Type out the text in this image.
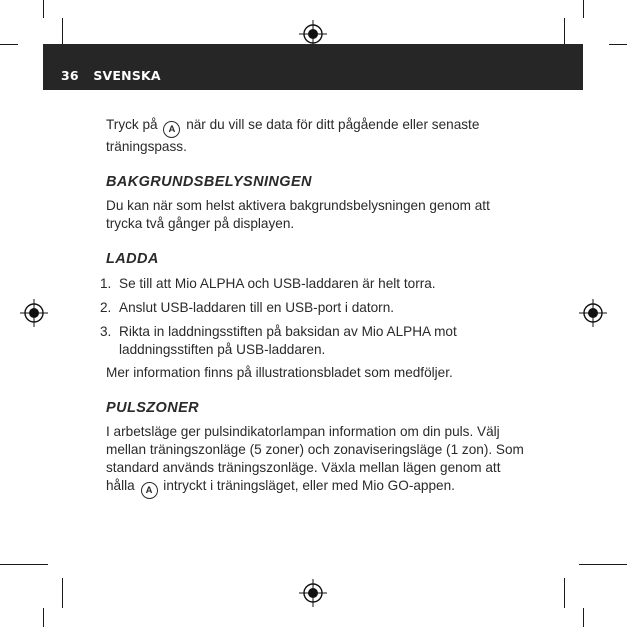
36 SVENSKA

Tryck på A när du vill se data för ditt pågående eller senaste träningspass.

BAKGRUNDSBELYSNINGEN

Du kan när som helst aktivera bakgrundsbelysningen genom att trycka två gånger på displayen.

LADDA

1. Se till att Mio ALPHA och USB-laddaren är helt torra.
2. Anslut USB-laddaren till en USB-port i datorn.
3. Rikta in laddningsstiften på baksidan av Mio ALPHA mot laddningsstiften på USB-laddaren.

Mer information finns på illustrationsbladet som medföljer.

PULSZONER

I arbetsläge ger pulsindikatorlampan information om din puls. Välj mellan träningszonläge (5 zoner) och zonaviseringsläge (1 zon). Som standard används träningszonläge. Växla mellan lägen genom att hålla A intryckt i träningsläget, eller med Mio GO-appen.
